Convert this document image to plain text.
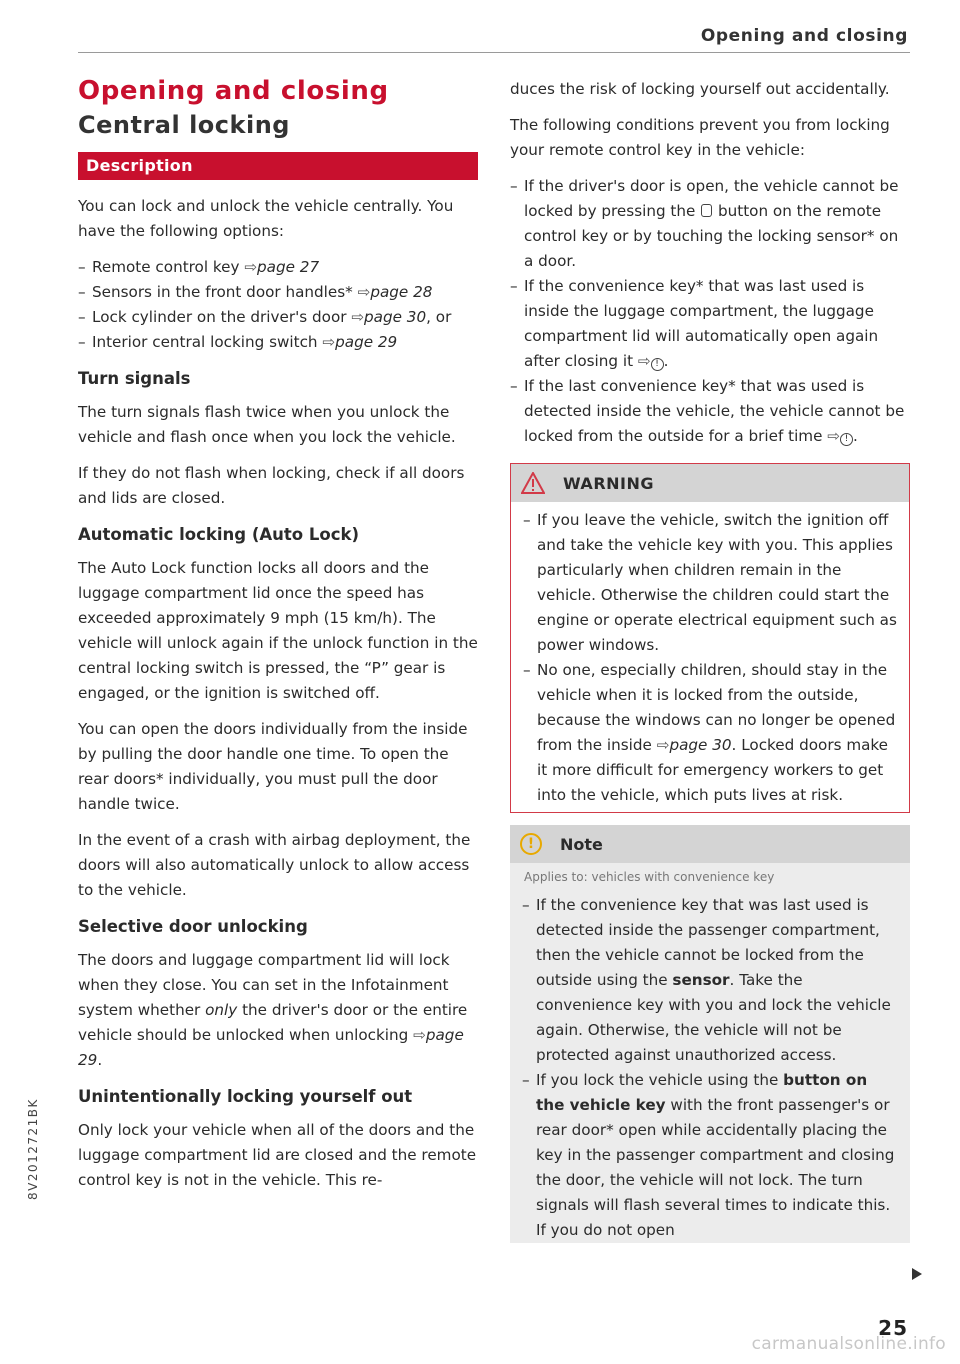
Opening and closing
Opening and closing
Central locking
Description

You can lock and unlock the vehicle centrally. You have the following options:

– Remote control key ⇨page 27
– Sensors in the front door handles* ⇨page 28
– Lock cylinder on the driver's door ⇨page 30, or
– Interior central locking switch ⇨page 29
Turn signals

The turn signals flash twice when you unlock the vehicle and flash once when you lock the vehicle.

If they do not flash when locking, check if all doors and lids are closed.

Automatic locking (Auto Lock)

The Auto Lock function locks all doors and the luggage compartment lid once the speed has exceeded approximately 9 mph (15 km/h). The vehicle will unlock again if the unlock function in the central locking switch is pressed, the “P” gear is engaged, or the ignition is switched off.

You can open the doors individually from the inside by pulling the door handle one time. To open the rear doors* individually, you must pull the door handle twice.

In the event of a crash with airbag deployment, the doors will also automatically unlock to allow access to the vehicle.

Selective door unlocking

The doors and luggage compartment lid will lock when they close. You can set in the Infotainment system whether only the driver's door or the entire vehicle should be unlocked when unlocking ⇨page 29.

Unintentionally locking yourself out

Only lock your vehicle when all of the doors and the luggage compartment lid are closed and the remote control key is not in the vehicle. This re-

duces the risk of locking yourself out accidentally.

The following conditions prevent you from locking your remote control key in the vehicle:

– If the driver's door is open, the vehicle cannot be locked by pressing the  button on the remote control key or by touching the locking sensor* on a door.
– If the convenience key* that was last used is inside the luggage compartment, the luggage compartment lid will automatically open again after closing it ⇨ ! .
– If the last convenience key* that was used is detected inside the vehicle, the vehicle cannot be locked from the outside for a brief time ⇨ ! .
WARNING
– If you leave the vehicle, switch the ignition off and take the vehicle key with you. This applies particularly when children remain in the vehicle. Otherwise the children could start the engine or operate electrical equipment such as power windows.
– No one, especially children, should stay in the vehicle when it is locked from the outside, because the windows can no longer be opened from the inside ⇨page 30. Locked doors make it more difficult for emergency workers to get into the vehicle, which puts lives at risk.
!	Note
Applies to: vehicles with convenience key
– If the convenience key that was last used is detected inside the passenger compartment, then the vehicle cannot be locked from the outside using the sensor. Take the convenience key with you and lock the vehicle again. Otherwise, the vehicle will not be protected against unauthorized access.
– If you lock the vehicle using the button on the vehicle key with the front passenger's or rear door* open while accidentally placing the key in the passenger compartment and closing the door, the vehicle will not lock. The turn signals will flash several times to indicate this. If you do not open
8V2012721BK
25
carmanualsonline.info
